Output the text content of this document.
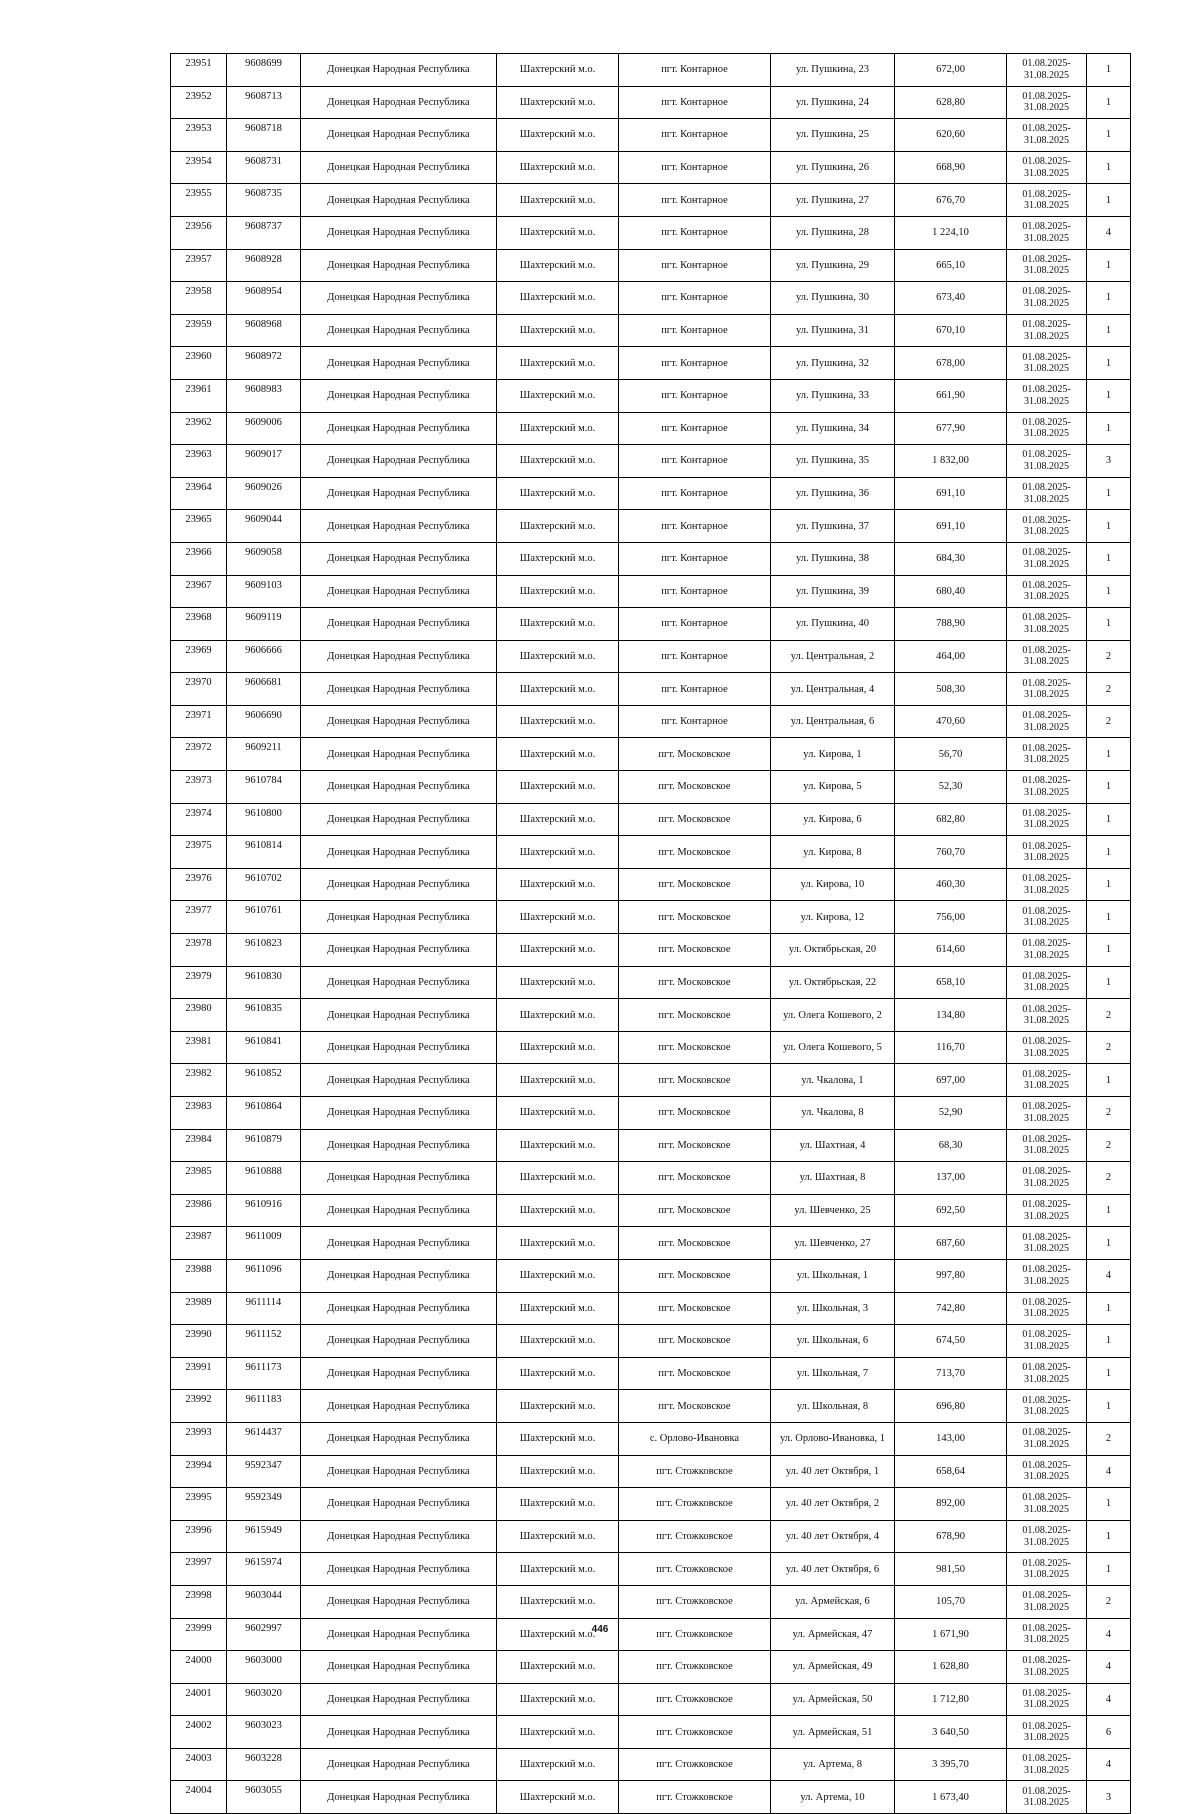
23951	9608699	Донецкая Народная Республика	Шахтерский м.о.	пгт. Контарное	ул. Пушкина, 23	672,00	01.08.2025-31.08.2025	1
23952	9608713	Донецкая Народная Республика	Шахтерский м.о.	пгт. Контарное	ул. Пушкина, 24	628,80	01.08.2025-31.08.2025	1
23953	9608718	Донецкая Народная Республика	Шахтерский м.о.	пгт. Контарное	ул. Пушкина, 25	620,60	01.08.2025-31.08.2025	1
23954	9608731	Донецкая Народная Республика	Шахтерский м.о.	пгт. Контарное	ул. Пушкина, 26	668,90	01.08.2025-31.08.2025	1
23955	9608735	Донецкая Народная Республика	Шахтерский м.о.	пгт. Контарное	ул. Пушкина, 27	676,70	01.08.2025-31.08.2025	1
23956	9608737	Донецкая Народная Республика	Шахтерский м.о.	пгт. Контарное	ул. Пушкина, 28	1 224,10	01.08.2025-31.08.2025	4
23957	9608928	Донецкая Народная Республика	Шахтерский м.о.	пгт. Контарное	ул. Пушкина, 29	665,10	01.08.2025-31.08.2025	1
23958	9608954	Донецкая Народная Республика	Шахтерский м.о.	пгт. Контарное	ул. Пушкина, 30	673,40	01.08.2025-31.08.2025	1
23959	9608968	Донецкая Народная Республика	Шахтерский м.о.	пгт. Контарное	ул. Пушкина, 31	670,10	01.08.2025-31.08.2025	1
23960	9608972	Донецкая Народная Республика	Шахтерский м.о.	пгт. Контарное	ул. Пушкина, 32	678,00	01.08.2025-31.08.2025	1
23961	9608983	Донецкая Народная Республика	Шахтерский м.о.	пгт. Контарное	ул. Пушкина, 33	661,90	01.08.2025-31.08.2025	1
23962	9609006	Донецкая Народная Республика	Шахтерский м.о.	пгт. Контарное	ул. Пушкина, 34	677,90	01.08.2025-31.08.2025	1
23963	9609017	Донецкая Народная Республика	Шахтерский м.о.	пгт. Контарное	ул. Пушкина, 35	1 832,00	01.08.2025-31.08.2025	3
23964	9609026	Донецкая Народная Республика	Шахтерский м.о.	пгт. Контарное	ул. Пушкина, 36	691,10	01.08.2025-31.08.2025	1
23965	9609044	Донецкая Народная Республика	Шахтерский м.о.	пгт. Контарное	ул. Пушкина, 37	691,10	01.08.2025-31.08.2025	1
23966	9609058	Донецкая Народная Республика	Шахтерский м.о.	пгт. Контарное	ул. Пушкина, 38	684,30	01.08.2025-31.08.2025	1
23967	9609103	Донецкая Народная Республика	Шахтерский м.о.	пгт. Контарное	ул. Пушкина, 39	680,40	01.08.2025-31.08.2025	1
23968	9609119	Донецкая Народная Республика	Шахтерский м.о.	пгт. Контарное	ул. Пушкина, 40	788,90	01.08.2025-31.08.2025	1
23969	9606666	Донецкая Народная Республика	Шахтерский м.о.	пгт. Контарное	ул. Центральная, 2	464,00	01.08.2025-31.08.2025	2
23970	9606681	Донецкая Народная Республика	Шахтерский м.о.	пгт. Контарное	ул. Центральная, 4	508,30	01.08.2025-31.08.2025	2
23971	9606690	Донецкая Народная Республика	Шахтерский м.о.	пгт. Контарное	ул. Центральная, 6	470,60	01.08.2025-31.08.2025	2
23972	9609211	Донецкая Народная Республика	Шахтерский м.о.	пгт. Московское	ул. Кирова, 1	56,70	01.08.2025-31.08.2025	1
23973	9610784	Донецкая Народная Республика	Шахтерский м.о.	пгт. Московское	ул. Кирова, 5	52,30	01.08.2025-31.08.2025	1
23974	9610800	Донецкая Народная Республика	Шахтерский м.о.	пгт. Московское	ул. Кирова, 6	682,80	01.08.2025-31.08.2025	1
23975	9610814	Донецкая Народная Республика	Шахтерский м.о.	пгт. Московское	ул. Кирова, 8	760,70	01.08.2025-31.08.2025	1
23976	9610702	Донецкая Народная Республика	Шахтерский м.о.	пгт. Московское	ул. Кирова, 10	460,30	01.08.2025-31.08.2025	1
23977	9610761	Донецкая Народная Республика	Шахтерский м.о.	пгт. Московское	ул. Кирова, 12	756,00	01.08.2025-31.08.2025	1
23978	9610823	Донецкая Народная Республика	Шахтерский м.о.	пгт. Московское	ул. Октябрьская, 20	614,60	01.08.2025-31.08.2025	1
23979	9610830	Донецкая Народная Республика	Шахтерский м.о.	пгт. Московское	ул. Октябрьская, 22	658,10	01.08.2025-31.08.2025	1
23980	9610835	Донецкая Народная Республика	Шахтерский м.о.	пгт. Московское	ул. Олега Кошевого, 2	134,80	01.08.2025-31.08.2025	2
23981	9610841	Донецкая Народная Республика	Шахтерский м.о.	пгт. Московское	ул. Олега Кошевого, 5	116,70	01.08.2025-31.08.2025	2
23982	9610852	Донецкая Народная Республика	Шахтерский м.о.	пгт. Московское	ул. Чкалова, 1	697,00	01.08.2025-31.08.2025	1
23983	9610864	Донецкая Народная Республика	Шахтерский м.о.	пгт. Московское	ул. Чкалова, 8	52,90	01.08.2025-31.08.2025	2
23984	9610879	Донецкая Народная Республика	Шахтерский м.о.	пгт. Московское	ул. Шахтная, 4	68,30	01.08.2025-31.08.2025	2
23985	9610888	Донецкая Народная Республика	Шахтерский м.о.	пгт. Московское	ул. Шахтная, 8	137,00	01.08.2025-31.08.2025	2
23986	9610916	Донецкая Народная Республика	Шахтерский м.о.	пгт. Московское	ул. Шевченко, 25	692,50	01.08.2025-31.08.2025	1
23987	9611009	Донецкая Народная Республика	Шахтерский м.о.	пгт. Московское	ул. Шевченко, 27	687,60	01.08.2025-31.08.2025	1
23988	9611096	Донецкая Народная Республика	Шахтерский м.о.	пгт. Московское	ул. Школьная, 1	997,80	01.08.2025-31.08.2025	4
23989	9611114	Донецкая Народная Республика	Шахтерский м.о.	пгт. Московское	ул. Школьная, 3	742,80	01.08.2025-31.08.2025	1
23990	9611152	Донецкая Народная Республика	Шахтерский м.о.	пгт. Московское	ул. Школьная, 6	674,50	01.08.2025-31.08.2025	1
23991	9611173	Донецкая Народная Республика	Шахтерский м.о.	пгт. Московское	ул. Школьная, 7	713,70	01.08.2025-31.08.2025	1
23992	9611183	Донецкая Народная Республика	Шахтерский м.о.	пгт. Московское	ул. Школьная, 8	696,80	01.08.2025-31.08.2025	1
23993	9614437	Донецкая Народная Республика	Шахтерский м.о.	с. Орлово-Ивановка	ул. Орлово-Ивановка, 1	143,00	01.08.2025-31.08.2025	2
23994	9592347	Донецкая Народная Республика	Шахтерский м.о.	пгт. Стожковское	ул. 40 лет Октября, 1	658,64	01.08.2025-31.08.2025	4
23995	9592349	Донецкая Народная Республика	Шахтерский м.о.	пгт. Стожковское	ул. 40 лет Октября, 2	892,00	01.08.2025-31.08.2025	1
23996	9615949	Донецкая Народная Республика	Шахтерский м.о.	пгт. Стожковское	ул. 40 лет Октября, 4	678,90	01.08.2025-31.08.2025	1
23997	9615974	Донецкая Народная Республика	Шахтерский м.о.	пгт. Стожковское	ул. 40 лет Октября, 6	981,50	01.08.2025-31.08.2025	1
23998	9603044	Донецкая Народная Республика	Шахтерский м.о.	пгт. Стожковское	ул. Армейская, 6	105,70	01.08.2025-31.08.2025	2
23999	9602997	Донецкая Народная Республика	Шахтерский м.о.	пгт. Стожковское	ул. Армейская, 47	1 671,90	01.08.2025-31.08.2025	4
24000	9603000	Донецкая Народная Республика	Шахтерский м.о.	пгт. Стожковское	ул. Армейская, 49	1 628,80	01.08.2025-31.08.2025	4
24001	9603020	Донецкая Народная Республика	Шахтерский м.о.	пгт. Стожковское	ул. Армейская, 50	1 712,80	01.08.2025-31.08.2025	4
24002	9603023	Донецкая Народная Республика	Шахтерский м.о.	пгт. Стожковское	ул. Армейская, 51	3 640,50	01.08.2025-31.08.2025	6
24003	9603228	Донецкая Народная Республика	Шахтерский м.о.	пгт. Стожковское	ул. Артема, 8	3 395,70	01.08.2025-31.08.2025	4
24004	9603055	Донецкая Народная Республика	Шахтерский м.о.	пгт. Стожковское	ул. Артема, 10	1 673,40	01.08.2025-31.08.2025	3
446
